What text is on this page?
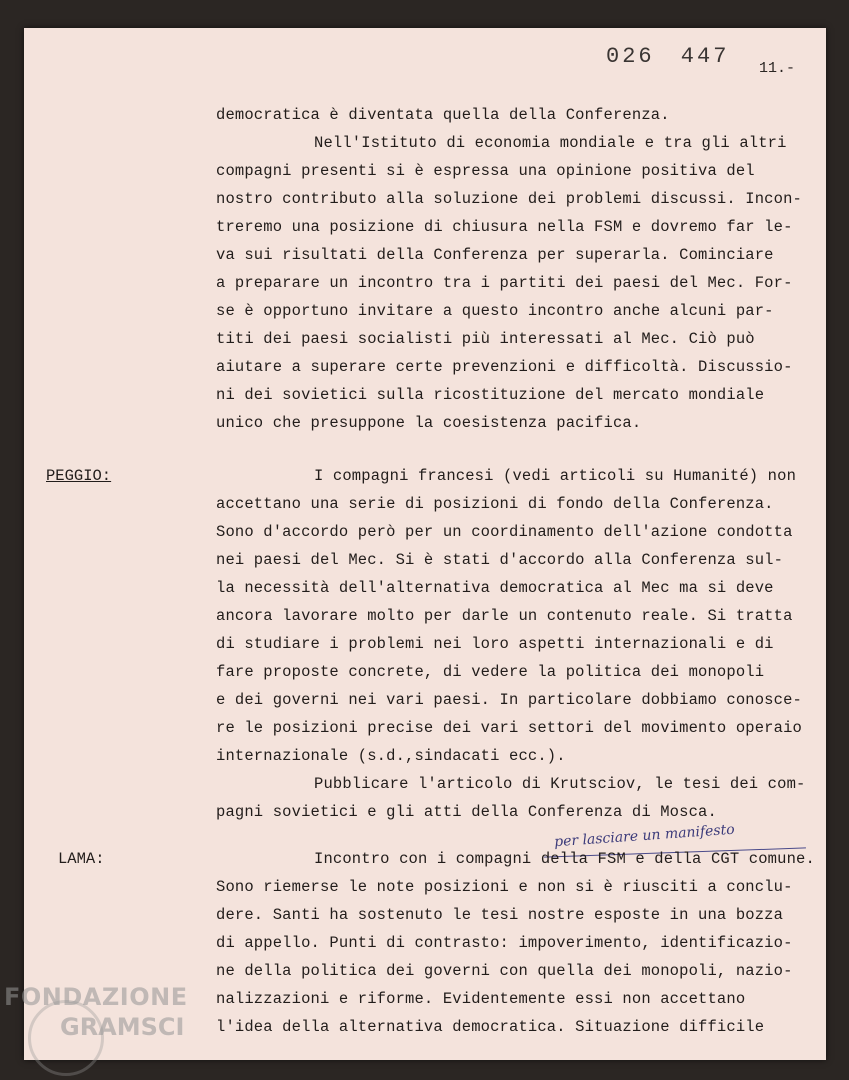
026 447 11.-
democratica è diventata quella della Conferenza.
Nell'Istituto di economia mondiale e tra gli altri
compagni presenti si è espressa una opinione positiva del
nostro contributo alla soluzione dei problemi discussi. Incon-
treremo una posizione di chiusura nella FSM e dovremo far le-
va sui risultati della Conferenza per superarla. Cominciare
a preparare un incontro tra i partiti dei paesi del Mec. For-
se è opportuno invitare a questo incontro anche alcuni par-
titi dei paesi socialisti più interessati al Mec. Ciò può
aiutare a superare certe prevenzioni e difficoltà. Discussio-
ni dei sovietici sulla ricostituzione del mercato mondiale
unico che presuppone la coesistenza pacifica.
PEGGIO:	I compagni francesi (vedi articoli su Humanité) non
accettano una serie di posizioni di fondo della Conferenza.
Sono d'accordo però per un coordinamento dell'azione condotta
nei paesi del Mec. Si è stati d'accordo alla Conferenza sul-
la necessità dell'alternativa democratica al Mec ma si deve
ancora lavorare molto per darle un contenuto reale. Si tratta
di studiare i problemi nei loro aspetti internazionali e di
fare proposte concrete, di vedere la politica dei monopoli
e dei governi nei vari paesi. In particolare dobbiamo conosce-
re le posizioni precise dei vari settori del movimento operaio
internazionale (s.d.,sindacati ecc.).
Pubblicare l'articolo di Krutsciov, le tesi dei com-
pagni sovietici e gli atti della Conferenza di Mosca.
per lasciare un manifesto
LAMA:	Incontro con i compagni della FSM e della CGT comune.
Sono riemerse le note posizioni e non si è riusciti a conclu-
dere. Santi ha sostenuto le tesi nostre esposte in una bozza
di appello. Punti di contrasto: impoverimento, identificazio-
ne della politica dei governi con quella dei monopoli, nazio-
nalizzazioni e riforme. Evidentemente essi non accettano
l'idea della alternativa democratica. Situazione difficile
FONDAZIONE
GRAMSCI
